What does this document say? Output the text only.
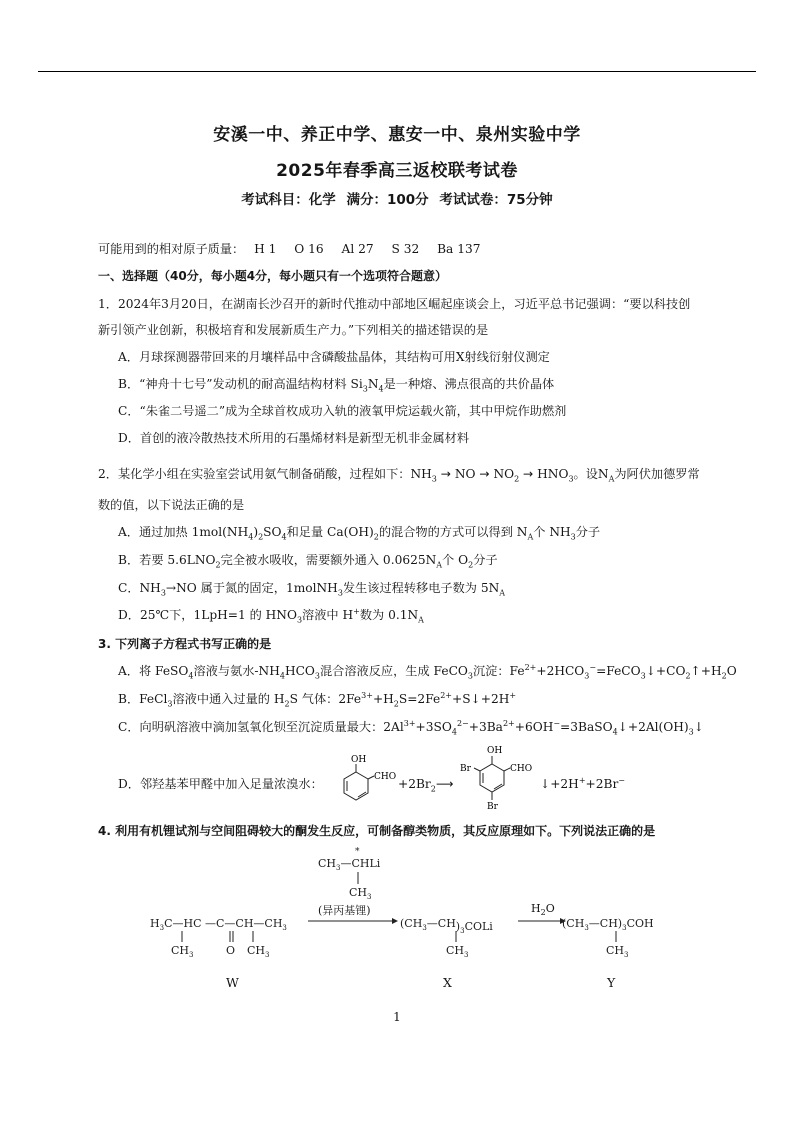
安溪一中、养正中学、惠安一中、泉州实验中学
2025年春季高三返校联考试卷
考试科目：化学 满分：100分 考试试卷：75分钟
可能用到的相对原子质量： H 1 O 16 Al 27 S 32 Ba 137
一、选择题（40分，每小题4分，每小题只有一个选项符合题意）
1．2024年3月20日，在湖南长沙召开的新时代推动中部地区崛起座谈会上，习近平总书记强调：“要以科技创
新引领产业创新，积极培育和发展新质生产力。”下列相关的描述错误的是
A．月球探测器带回来的月壤样品中含磷酸盐晶体，其结构可用X射线衍射仪测定
B．“神舟十七号”发动机的耐高温结构材料 $Si_3N_4$是一种熔、沸点很高的共价晶体
C．“朱雀二号遥二”成为全球首枚成功入轨的液氧甲烷运载火箭，其中甲烷作助燃剂
D．首创的液冷散热技术所用的石墨烯材料是新型无机非金属材料
2．某化学小组在实验室尝试用氨气制备硝酸，过程如下：$NH_3$ → NO → $NO_2 \to HNO_3$。设$N_A$为阿伏加德罗常
数的值，以下说法正确的是
A．通过加热 $1mol(NH_4)_2SO_4$和足量 $Ca(OH)_2$的混合物的方式可以得到 $N_A$个 $NH_3$分子
B．若要 $5.6LNO_2$完全被水吸收，需要额外通入 $0.0625N_A$个 $O_2$分子
C．$NH_3\to NO$ 属于氮的固定，1molNH$_3$发生该过程转移电子数为 $5N_A$
D．25℃下，1LpH=1 的 $HNO_3$溶液中 H+数为 $0.1N_A$
3. 下列离子方程式书写正确的是
A．将 FeSO$_4$溶液与氨水$-NH_4HCO_3$混合溶液反应，生成 FeCO$_3$沉淀：$Fe^{2+}+2HCO_3^-=FeCO_3↓+CO_2↑+H_2O$
B．FeCl$_3$溶液中通入过量的 $H_2S$ 气体：$2Fe^{3+}+H_2S=2Fe^{2+}+S↓+2H^+$
C．向明矾溶液中滴加氢氧化钡至沉淀质量最大：$2Al^{3+}+3SO_4^{2-}+3Ba^{2+}+6OH^-=3BaSO_4↓+2Al(OH)_3↓$
D．邻羟基苯甲醛中加入足量浓溴水：
OH
CHO $+2Br_2⟶$
OH
CHO
Br
Br
↓+2H++2Br−
4. 利用有机锂试剂与空间阻碍较大的酮发生反应，可制备醇类物质，其反应原理如下。下列说法正确的是
*
$CH_3—CHLi$
$CH_3$
$H_3C—HC$ $—C—CH—CH_3$
$CH_3$	O $CH_3$
$(CH_3—CH)_3COLi$
$CH_3$
$(CH_3—CH)_3COH$
$CH_3$
(异丙基锂)	$H_2O$
W	X	Y
1
